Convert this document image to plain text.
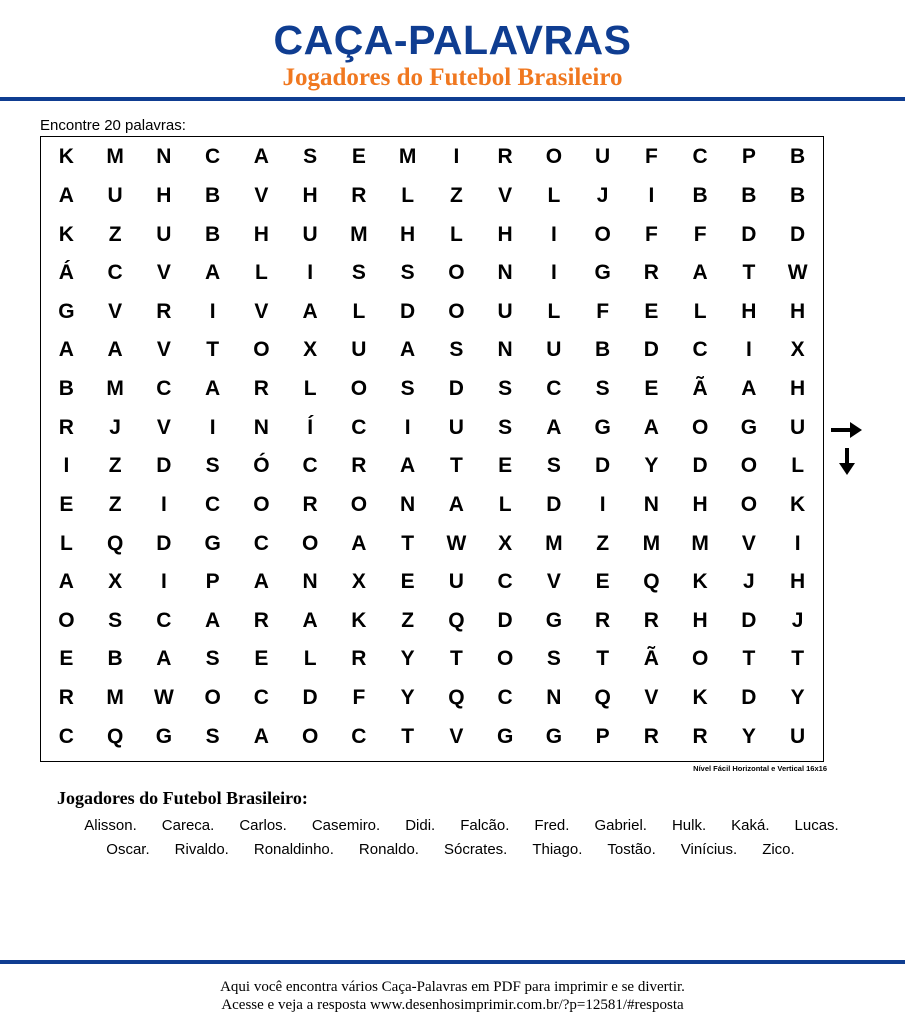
CAÇA-PALAVRAS
Jogadores do Futebol Brasileiro
Encontre 20 palavras:
K	M	N	C	A	S	E	M	I	R	O	U	F	C	P	B
A	U	H	B	V	H	R	L	Z	V	L	J	I	B	B	B
K	Z	U	B	H	U	M	H	L	H	I	O	F	F	D	D
Á	C	V	A	L	I	S	S	O	N	I	G	R	A	T	W
G	V	R	I	V	A	L	D	O	U	L	F	E	L	H	H
A	A	V	T	O	X	U	A	S	N	U	B	D	C	I	X
B	M	C	A	R	L	O	S	D	S	C	S	E	Ã	A	H
R	J	V	I	N	Í	C	I	U	S	A	G	A	O	G	U
I	Z	D	S	Ó	C	R	A	T	E	S	D	Y	D	O	L
E	Z	I	C	O	R	O	N	A	L	D	I	N	H	O	K
L	Q	D	G	C	O	A	T	W	X	M	Z	M	M	V	I
A	X	I	P	A	N	X	E	U	C	V	E	Q	K	J	H
O	S	C	A	R	A	K	Z	Q	D	G	R	R	H	D	J
E	B	A	S	E	L	R	Y	T	O	S	T	Ã	O	T	T
R	M	W	O	C	D	F	Y	Q	C	N	Q	V	K	D	Y
C	Q	G	S	A	O	C	T	V	G	G	P	R	R	Y	U
Nível Fácil Horizontal e Vertical 16x16
Jogadores do Futebol Brasileiro:
Alisson. Careca. Carlos. Casemiro. Didi. Falcão. Fred. Gabriel. Hulk. Kaká. Lucas.
Oscar. Rivaldo. Ronaldinho. Ronaldo. Sócrates. Thiago. Tostão. Vinícius. Zico.
Aqui você encontra vários Caça-Palavras em PDF para imprimir e se divertir.
Acesse e veja a resposta www.desenhosimprimir.com.br/?p=12581/#resposta
